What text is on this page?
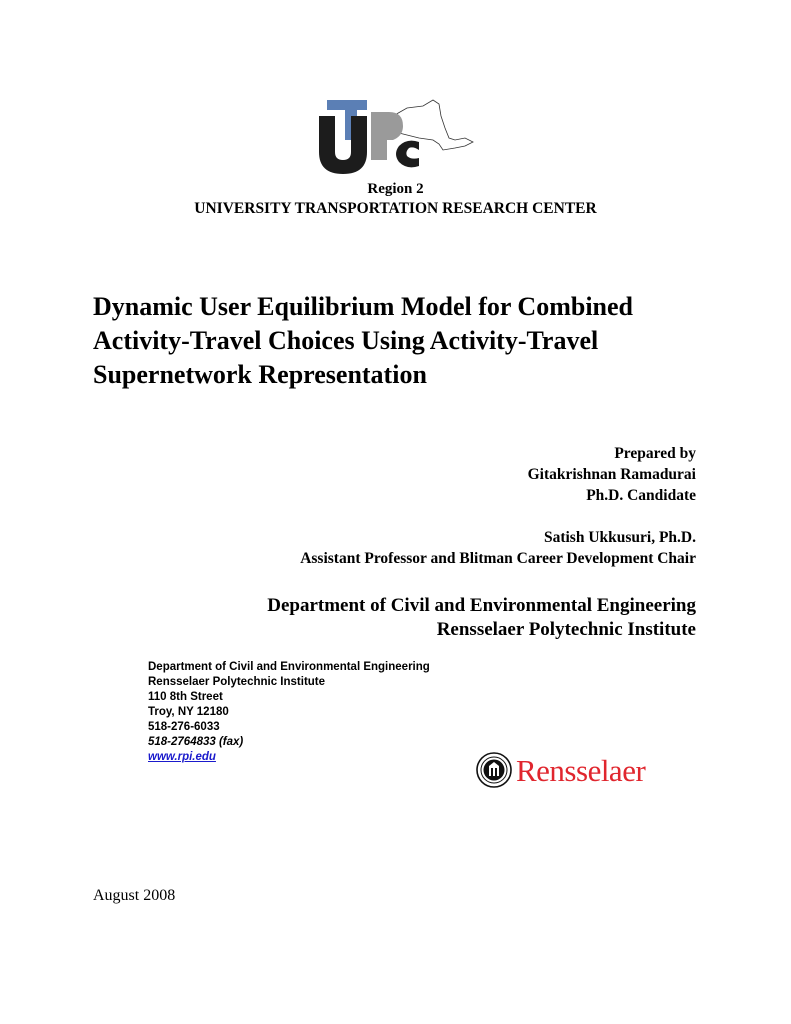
Region 2
UNIVERSITY TRANSPORTATION RESEARCH CENTER
Dynamic User Equilibrium Model for Combined
Activity-Travel Choices Using Activity-Travel
Supernetwork Representation
Prepared by
Gitakrishnan Ramadurai
Ph.D. Candidate
Satish Ukkusuri, Ph.D.
Assistant Professor and Blitman Career Development Chair
Department of Civil and Environmental Engineering
Rensselaer Polytechnic Institute
Department of Civil and Environmental Engineering
Rensselaer Polytechnic Institute
110 8th Street
Troy, NY 12180
518-276-6033
518-2764833 (fax)
www.rpi.edu	Rensselaer
August 2008
